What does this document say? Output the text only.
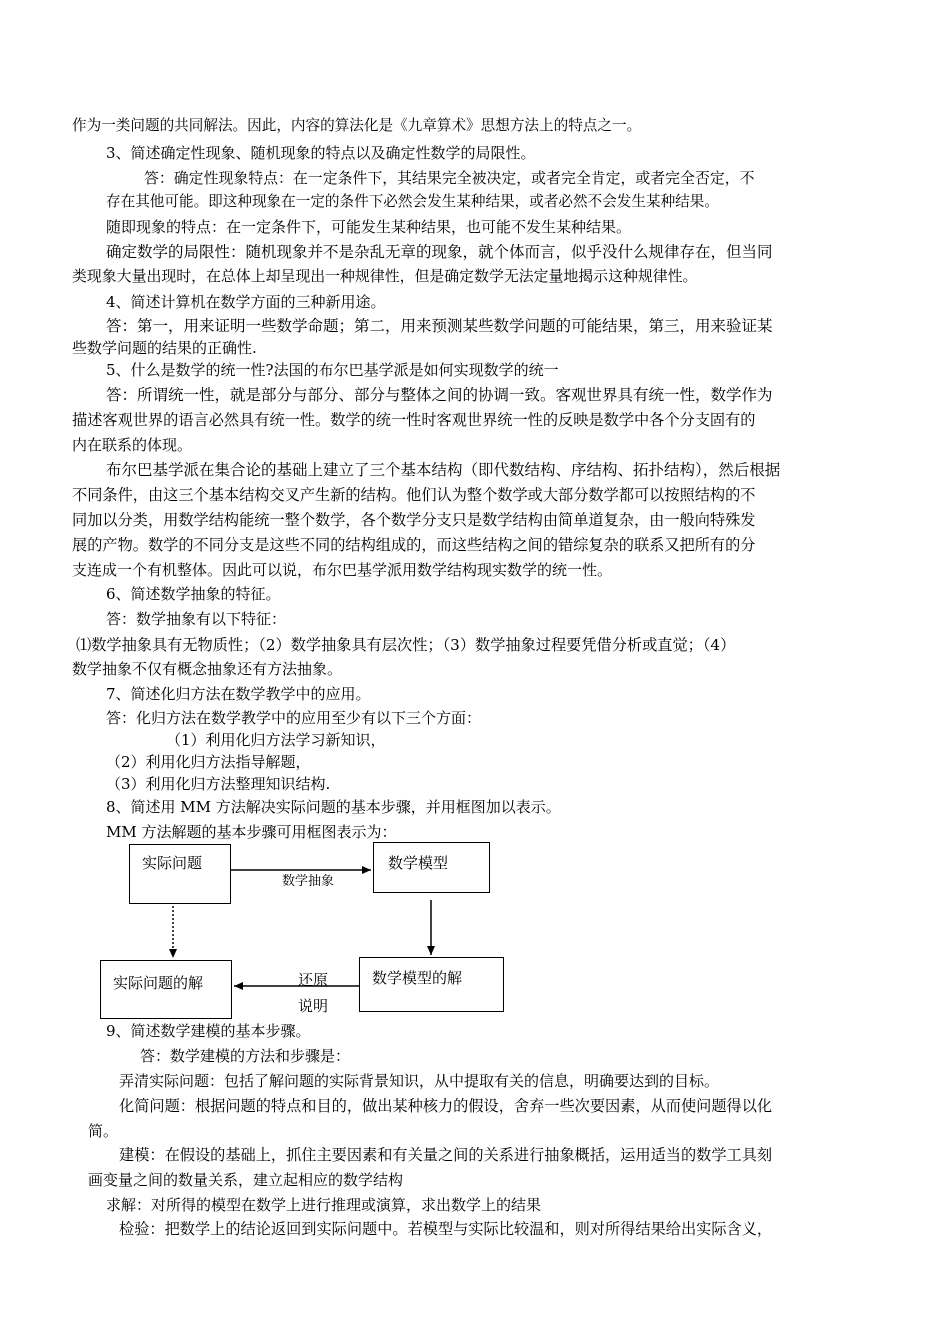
作为一类问题的共同解法。因此，内容的算法化是《九章算术》思想方法上的特点之一。
3、简述确定性现象、随机现象的特点以及确定性数学的局限性。
答：确定性现象特点：在一定条件下，其结果完全被决定，或者完全肯定，或者完全否定，不
存在其他可能。即这种现象在一定的条件下必然会发生某种结果，或者必然不会发生某种结果。
随即现象的特点：在一定条件下，可能发生某种结果，也可能不发生某种结果。
确定数学的局限性：随机现象并不是杂乱无章的现象，就个体而言，似乎没什么规律存在，但当同
类现象大量出现时，在总体上却呈现出一种规律性，但是确定数学无法定量地揭示这种规律性。
4、简述计算机在数学方面的三种新用途。
答：第一，用来证明一些数学命题；第二，用来预测某些数学问题的可能结果，第三，用来验证某
些数学问题的结果的正确性.
5、什么是数学的统一性?法国的布尔巴基学派是如何实现数学的统一
答：所谓统一性，就是部分与部分、部分与整体之间的协调一致。客观世界具有统一性，数学作为
描述客观世界的语言必然具有统一性。数学的统一性时客观世界统一性的反映是数学中各个分支固有的
内在联系的体现。
布尔巴基学派在集合论的基础上建立了三个基本结构（即代数结构、序结构、拓扑结构），然后根据
不同条件，由这三个基本结构交叉产生新的结构。他们认为整个数学或大部分数学都可以按照结构的不
同加以分类，用数学结构能统一整个数学，各个数学分支只是数学结构由简单道复杂，由一般向特殊发
展的产物。数学的不同分支是这些不同的结构组成的，而这些结构之间的错综复杂的联系又把所有的分
支连成一个有机整体。因此可以说，布尔巴基学派用数学结构现实数学的统一性。
6、简述数学抽象的特征。
答：数学抽象有以下特征：
⑴数学抽象具有无物质性；（2）数学抽象具有层次性；（3）数学抽象过程要凭借分析或直觉；（4）
数学抽象不仅有概念抽象还有方法抽象。
7、简述化归方法在数学教学中的应用。
答：化归方法在数学教学中的应用至少有以下三个方面：
（1）利用化归方法学习新知识，
（2）利用化归方法指导解题，
（3）利用化归方法整理知识结构.
8、简述用 MM 方法解决实际问题的基本步骤，并用框图加以表示。
MM 方法解题的基本步骤可用框图表示为：
实际问题	数学模型
实际问题的解	数学模型的解
数学抽象
还原
说明
9、简述数学建模的基本步骤。
答：数学建模的方法和步骤是：
弄清实际问题：包括了解问题的实际背景知识，从中提取有关的信息，明确要达到的目标。
化简问题：根据问题的特点和目的，做出某种核力的假设，舍弃一些次要因素，从而使问题得以化
简。
建模：在假设的基础上，抓住主要因素和有关量之间的关系进行抽象概括，运用适当的数学工具刻
画变量之间的数量关系，建立起相应的数学结构
求解：对所得的模型在数学上进行推理或演算，求出数学上的结果
检验：把数学上的结论返回到实际问题中。若模型与实际比较温和，则对所得结果给出实际含义，
